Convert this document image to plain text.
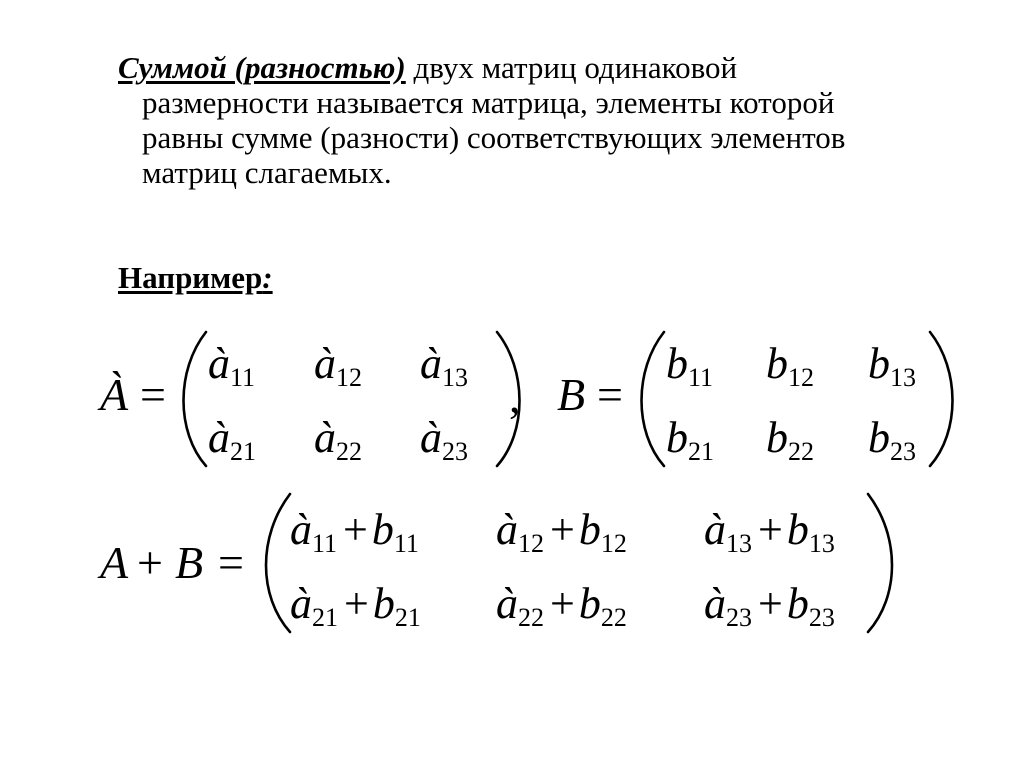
Суммой (разностью) двух матриц одинаковой
размерности называется матрица, элементы которой
равны сумме (разности) соответствующих элементов
матриц слагаемых.

Например:

À =
à11 à12 à13
à21 à22 à23
, B =
b11 b12 b13
b21 b22 b23
A + B =
à11 +b11 à12 +b12 à13 +b13
à21 +b21 à22 +b22 à23 +b23
